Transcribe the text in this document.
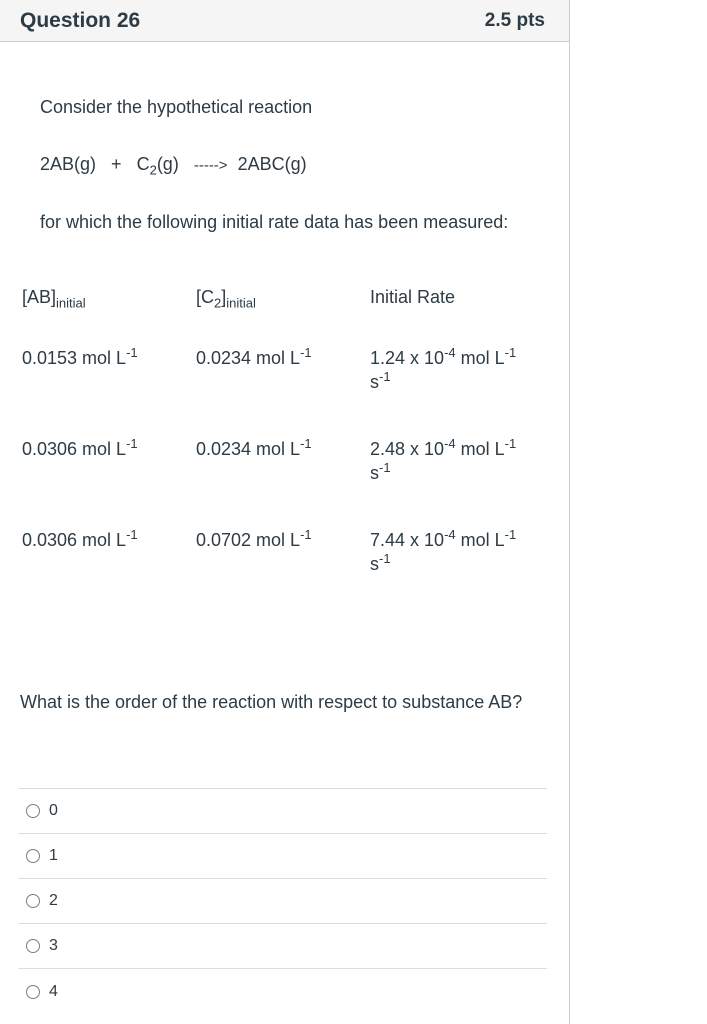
Question 26	2.5 pts
Consider the hypothetical reaction
$2AB(g) + C_2(g)$ -----> 2ABC(g)
for which the following initial rate data has been measured:
$[AB]_{initial}$	$[C_2]_{initial}$	Initial Rate
0.0153 mol $L^{-1}$	0.0234 mol $L^{-1}$	1.24 x $10^{-4}$ mol $L^{-1}$
$s^{-1}$
0.0306 mol $L^{-1}$	0.0234 mol $L^{-1}$	2.48 x $10^{-4}$ mol $L^{-1}$
$s^{-1}$
0.0306 mol $L^{-1}$	0.0702 mol $L^{-1}$	7.44 x $10^{-4}$ mol $L^{-1}$
$s^{-1}$
What is the order of the reaction with respect to substance AB?
0
1
2
3
4
